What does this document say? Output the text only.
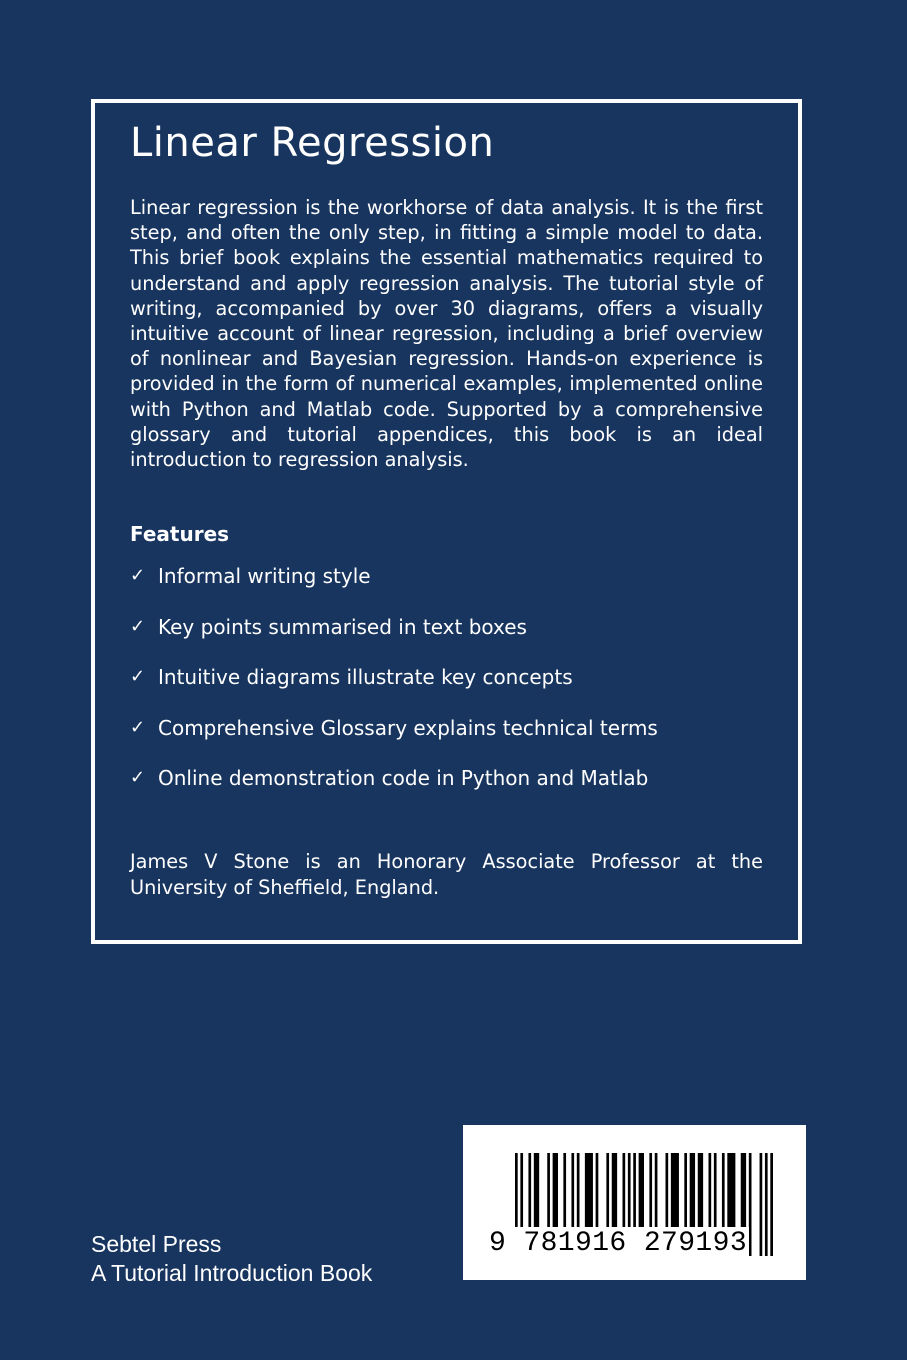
Linear Regression

Linear regression is the workhorse of data analysis. It is the first step, and often the only step, in fitting a simple model to data. This brief book explains the essential mathematics required to understand and apply regression analysis. The tutorial style of writing, accompanied by over 30 diagrams, offers a visually intuitive account of linear regression, including a brief overview of nonlinear and Bayesian regression. Hands-on experience is provided in the form of numerical examples, implemented online with Python and Matlab code. Supported by a comprehensive glossary and tutorial appendices, this book is an ideal introduction to regression analysis.

Features
✓ Informal writing style
✓ Key points summarised in text boxes
✓ Intuitive diagrams illustrate key concepts
✓ Comprehensive Glossary explains technical terms
✓ Online demonstration code in Python and Matlab

James V Stone is an Honorary Associate Professor at the University of Sheffield, England.

Sebtel Press
A Tutorial Introduction Book
9 781916 279193
